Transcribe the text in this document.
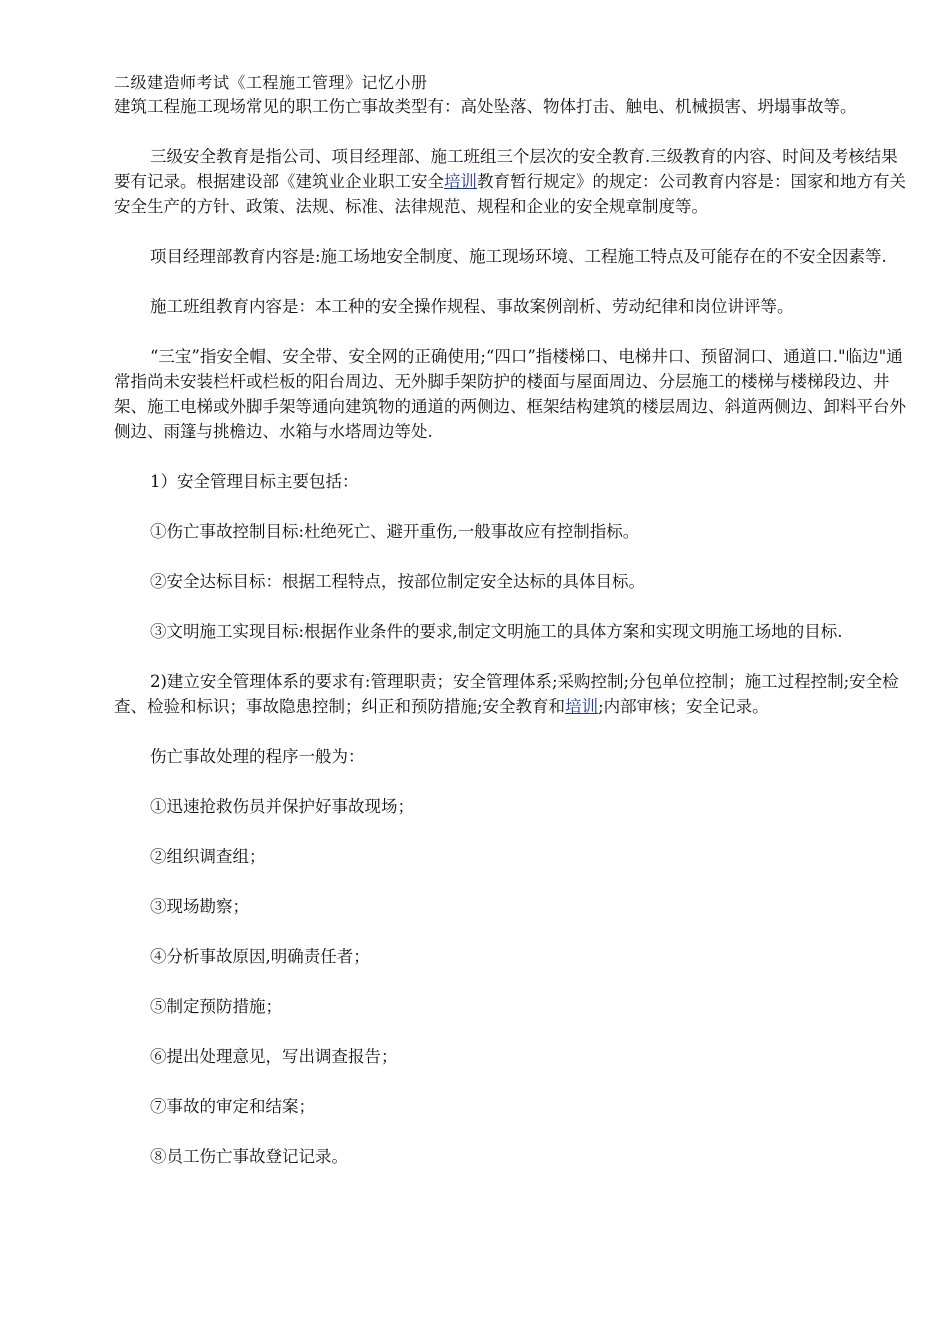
二级建造师考试《工程施工管理》记忆小册

建筑工程施工现场常见的职工伤亡事故类型有：高处坠落、物体打击、触电、机械损害、坍塌事故等。

三级安全教育是指公司、项目经理部、施工班组三个层次的安全教育.三级教育的内容、时间及考核结果要有记录。根据建设部《建筑业企业职工安全培训教育暂行规定》的规定：公司教育内容是：国家和地方有关安全生产的方针、政策、法规、标准、法律规范、规程和企业的安全规章制度等。

项目经理部教育内容是:施工场地安全制度、施工现场环境、工程施工特点及可能存在的不安全因素等.

施工班组教育内容是：本工种的安全操作规程、事故案例剖析、劳动纪律和岗位讲评等。

“三宝”指安全帽、安全带、安全网的正确使用;“四口”指楼梯口、电梯井口、预留洞口、通道口."临边"通常指尚未安装栏杆或栏板的阳台周边、无外脚手架防护的楼面与屋面周边、分层施工的楼梯与楼梯段边、井架、施工电梯或外脚手架等通向建筑物的通道的两侧边、框架结构建筑的楼层周边、斜道两侧边、卸料平台外侧边、雨篷与挑檐边、水箱与水塔周边等处.

1）安全管理目标主要包括：

①伤亡事故控制目标:杜绝死亡、避开重伤,一般事故应有控制指标。

②安全达标目标：根据工程特点，按部位制定安全达标的具体目标。

③文明施工实现目标:根据作业条件的要求,制定文明施工的具体方案和实现文明施工场地的目标.

2)建立安全管理体系的要求有:管理职责；安全管理体系;采购控制;分包单位控制；施工过程控制;安全检查、检验和标识；事故隐患控制；纠正和预防措施;安全教育和培训;内部审核；安全记录。

伤亡事故处理的程序一般为：

①迅速抢救伤员并保护好事故现场；

②组织调查组；

③现场勘察；

④分析事故原因,明确责任者；

⑤制定预防措施；

⑥提出处理意见，写出调查报告；

⑦事故的审定和结案；

⑧员工伤亡事故登记记录。
